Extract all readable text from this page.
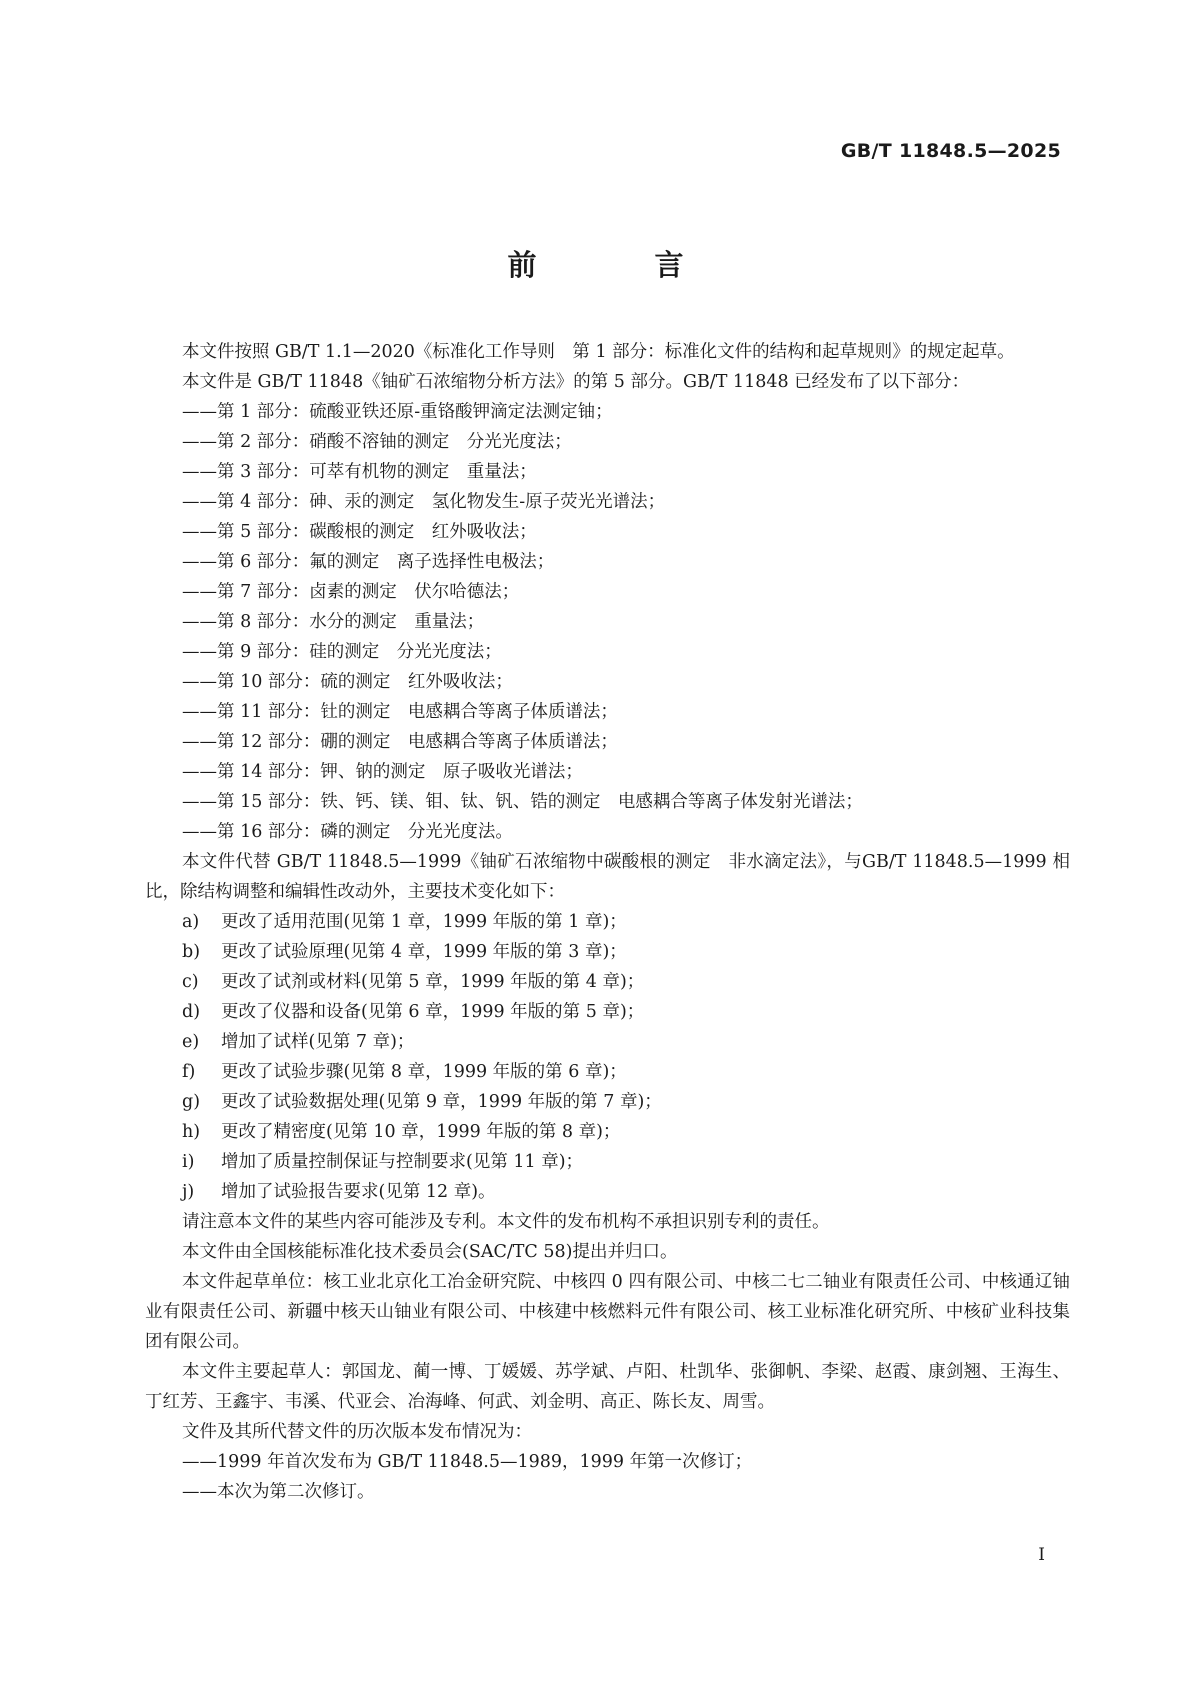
GB/T 11848.5—2025
前 言

本文件按照 GB/T 1.1—2020《标准化工作导则　第 1 部分：标准化文件的结构和起草规则》的规定起草。

本文件是 GB/T 11848《铀矿石浓缩物分析方法》的第 5 部分。GB/T 11848 已经发布了以下部分：

——第 1 部分：硫酸亚铁还原-重铬酸钾滴定法测定铀；

——第 2 部分：硝酸不溶铀的测定　分光光度法；

——第 3 部分：可萃有机物的测定　重量法；

——第 4 部分：砷、汞的测定　氢化物发生-原子荧光光谱法；

——第 5 部分：碳酸根的测定　红外吸收法；

——第 6 部分：氟的测定　离子选择性电极法；

——第 7 部分：卤素的测定　伏尔哈德法；

——第 8 部分：水分的测定　重量法；

——第 9 部分：硅的测定　分光光度法；

——第 10 部分：硫的测定　红外吸收法；

——第 11 部分：钍的测定　电感耦合等离子体质谱法；

——第 12 部分：硼的测定　电感耦合等离子体质谱法；

——第 14 部分：钾、钠的测定　原子吸收光谱法；

——第 15 部分：铁、钙、镁、钼、钛、钒、锆的测定　电感耦合等离子体发射光谱法；

——第 16 部分：磷的测定　分光光度法。

本文件代替 GB/T 11848.5—1999《铀矿石浓缩物中碳酸根的测定　非水滴定法》，与GB/T 11848.5—1999 相比，除结构调整和编辑性改动外，主要技术变化如下：

a) 更改了适用范围(见第 1 章，1999 年版的第 1 章)；

b) 更改了试验原理(见第 4 章，1999 年版的第 3 章)；

c) 更改了试剂或材料(见第 5 章，1999 年版的第 4 章)；

d) 更改了仪器和设备(见第 6 章，1999 年版的第 5 章)；

e) 增加了试样(见第 7 章)；

f) 更改了试验步骤(见第 8 章，1999 年版的第 6 章)；

g) 更改了试验数据处理(见第 9 章，1999 年版的第 7 章)；

h) 更改了精密度(见第 10 章，1999 年版的第 8 章)；

i) 增加了质量控制保证与控制要求(见第 11 章)；

j) 增加了试验报告要求(见第 12 章)。

请注意本文件的某些内容可能涉及专利。本文件的发布机构不承担识别专利的责任。

本文件由全国核能标准化技术委员会(SAC/TC 58)提出并归口。

本文件起草单位：核工业北京化工冶金研究院、中核四 0 四有限公司、中核二七二铀业有限责任公司、中核通辽铀业有限责任公司、新疆中核天山铀业有限公司、中核建中核燃料元件有限公司、核工业标准化研究所、中核矿业科技集团有限公司。

本文件主要起草人：郭国龙、蔺一博、丁媛媛、苏学斌、卢阳、杜凯华、张御帆、李梁、赵霞、康剑翘、王海生、丁红芳、王鑫宇、韦溪、代亚会、冶海峰、何武、刘金明、高正、陈长友、周雪。

文件及其所代替文件的历次版本发布情况为：

——1999 年首次发布为 GB/T 11848.5—1989，1999 年第一次修订；

——本次为第二次修订。

I
